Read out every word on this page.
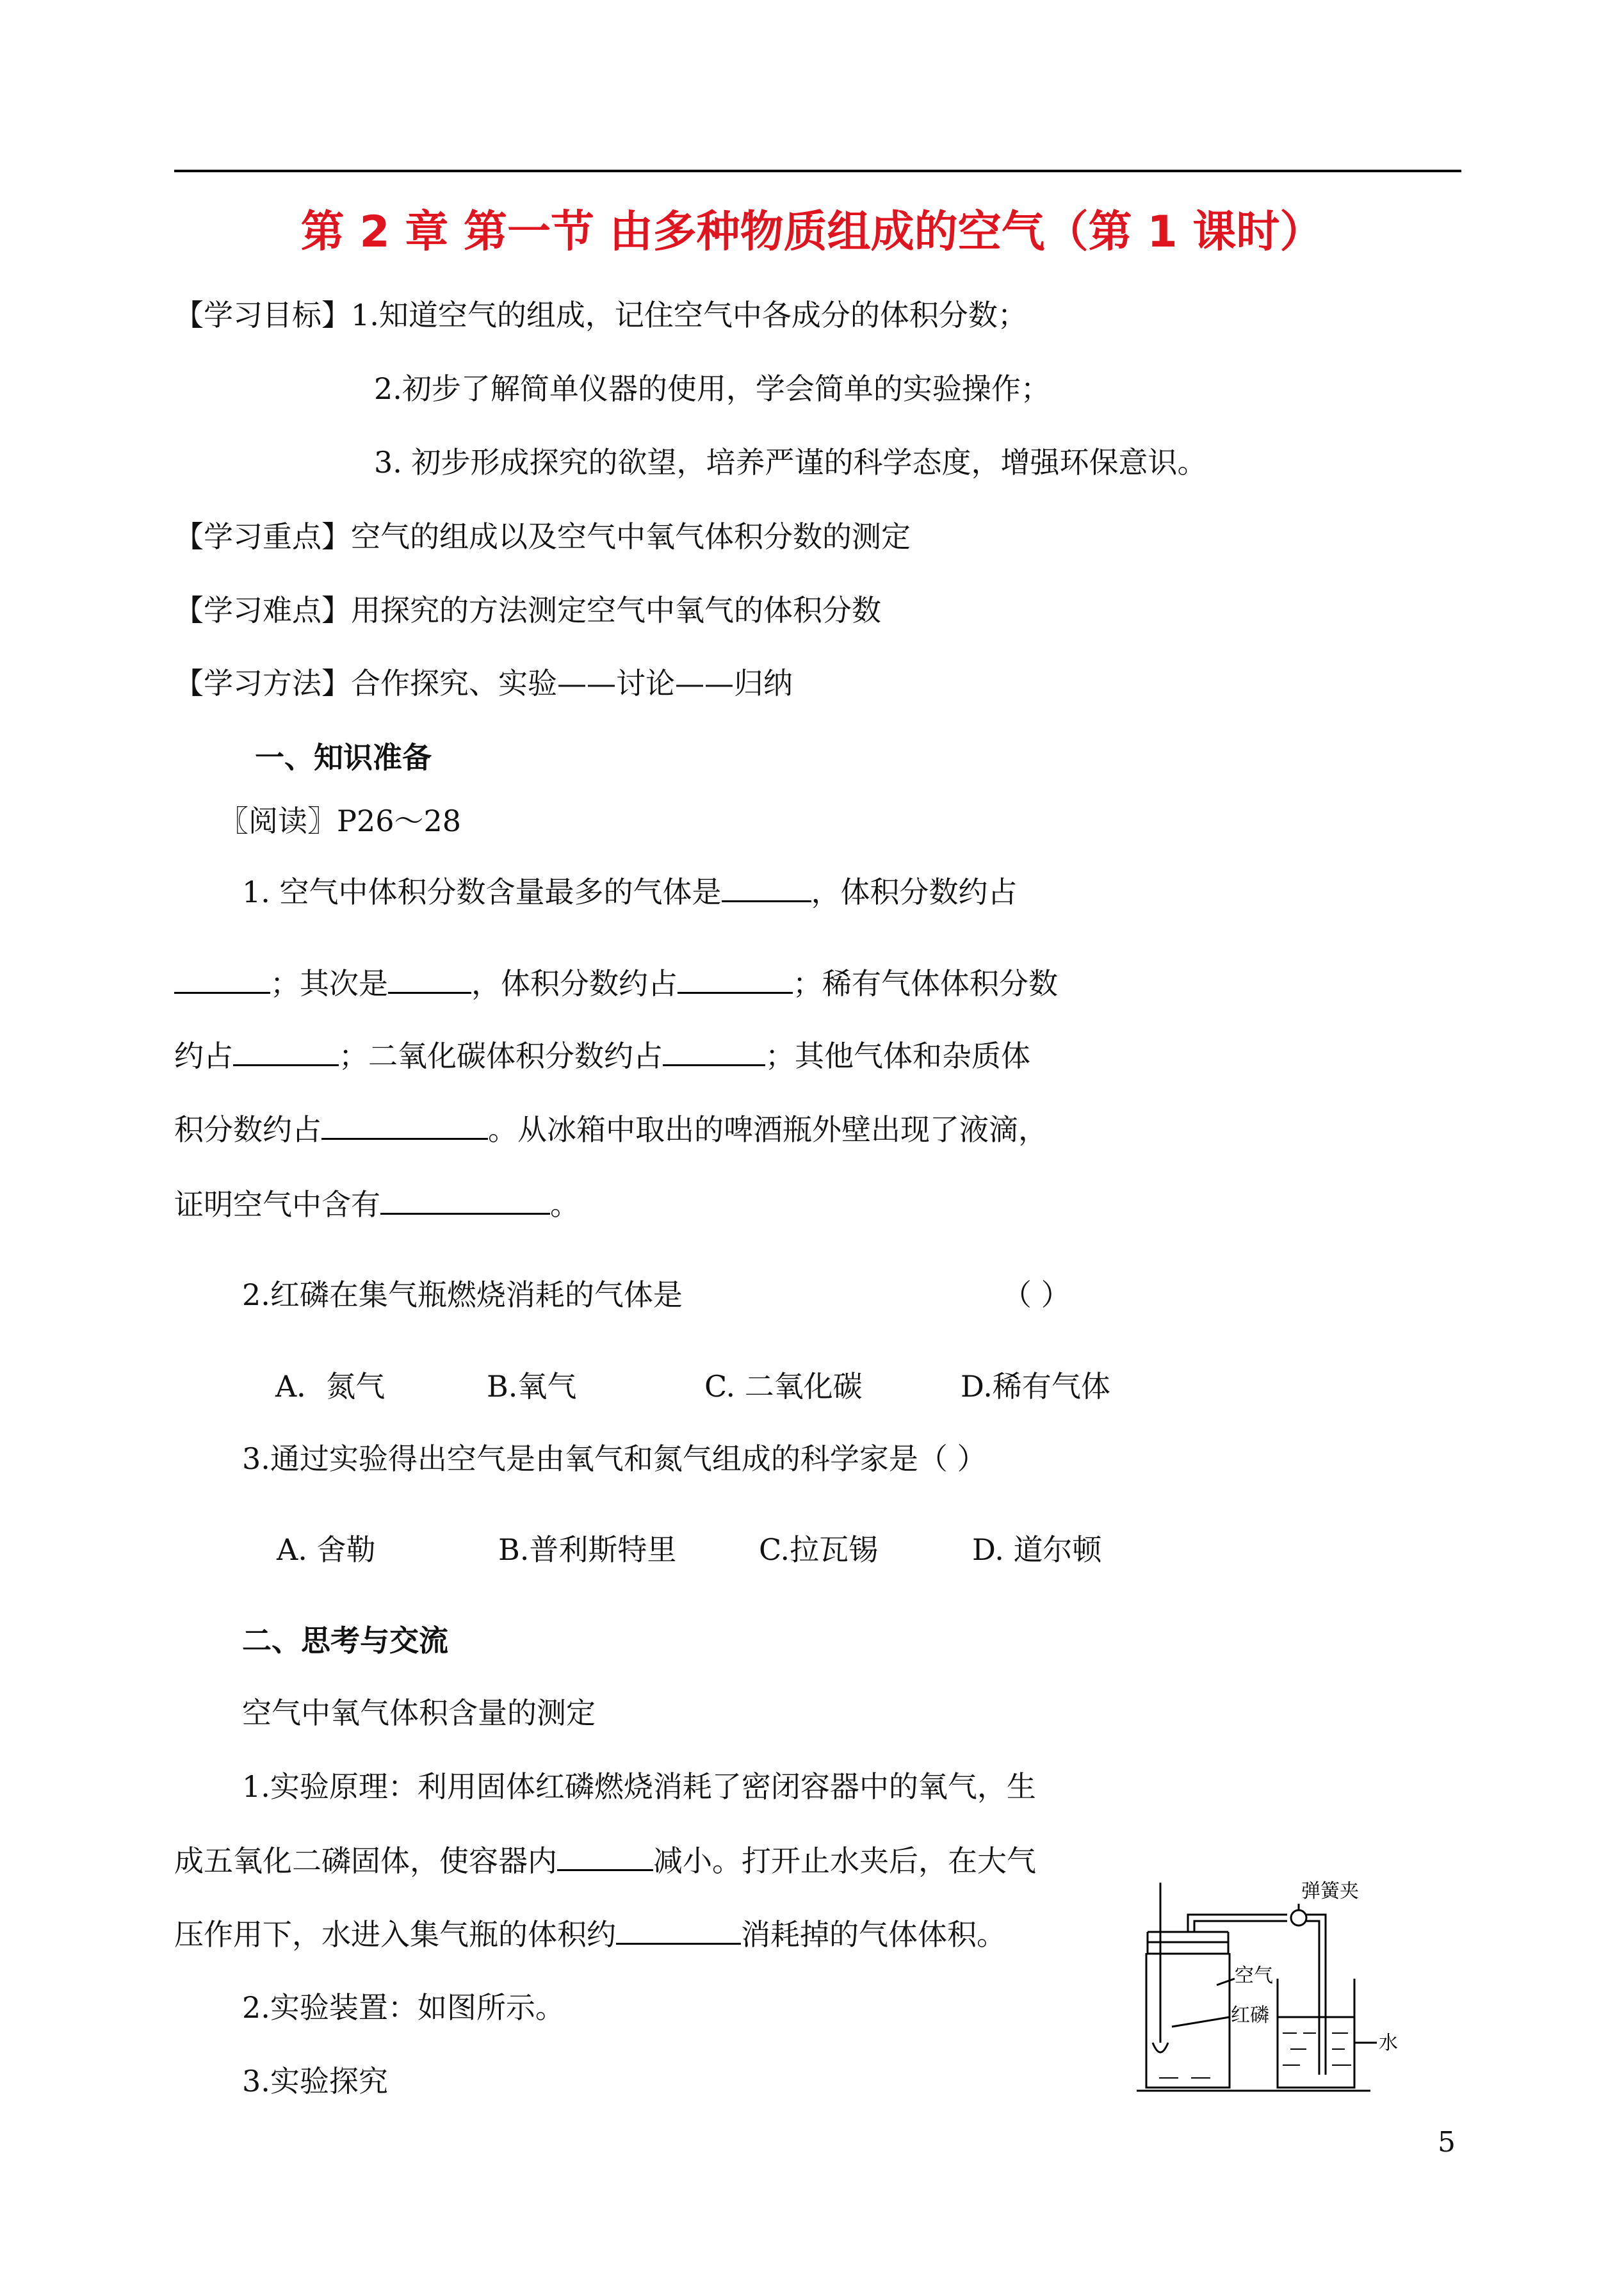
第 2 章 第一节 由多种物质组成的空气（第 1 课时）
【学习目标】1.知道空气的组成，记住空气中各成分的体积分数；
2.初步了解简单仪器的使用，学会简单的实验操作；
3. 初步形成探究的欲望，培养严谨的科学态度，增强环保意识。
【学习重点】空气的组成以及空气中氧气体积分数的测定
【学习难点】用探究的方法测定空气中氧气的体积分数
【学习方法】合作探究、实验——讨论——归纳
一、知识准备
〖阅读〗P26～28
1. 空气中体积分数含量最多的气体是	，体积分数约占
；其次是	，体积分数约占	；稀有气体体积分数
约占	；二氧化碳体积分数约占	；其他气体和杂质体
积分数约占	。从冰箱中取出的啤酒瓶外壁出现了液滴，
证明空气中含有	。
2.红磷在集气瓶燃烧消耗的气体是	（ ）
A．氮气	B.氧气	C. 二氧化碳	D.稀有气体
3.通过实验得出空气是由氧气和氮气组成的科学家是（ ）
A. 舍勒	B.普利斯特里	C.拉瓦锡	D. 道尔顿
二、思考与交流
空气中氧气体积含量的测定
1.实验原理：利用固体红磷燃烧消耗了密闭容器中的氧气，生
成五氧化二磷固体，使容器内	减小。打开止水夹后，在大气
压作用下，水进入集气瓶的体积约	消耗掉的气体体积。
2.实验装置：如图所示。
3.实验探究
弹簧夹
空气
红磷
水
5
